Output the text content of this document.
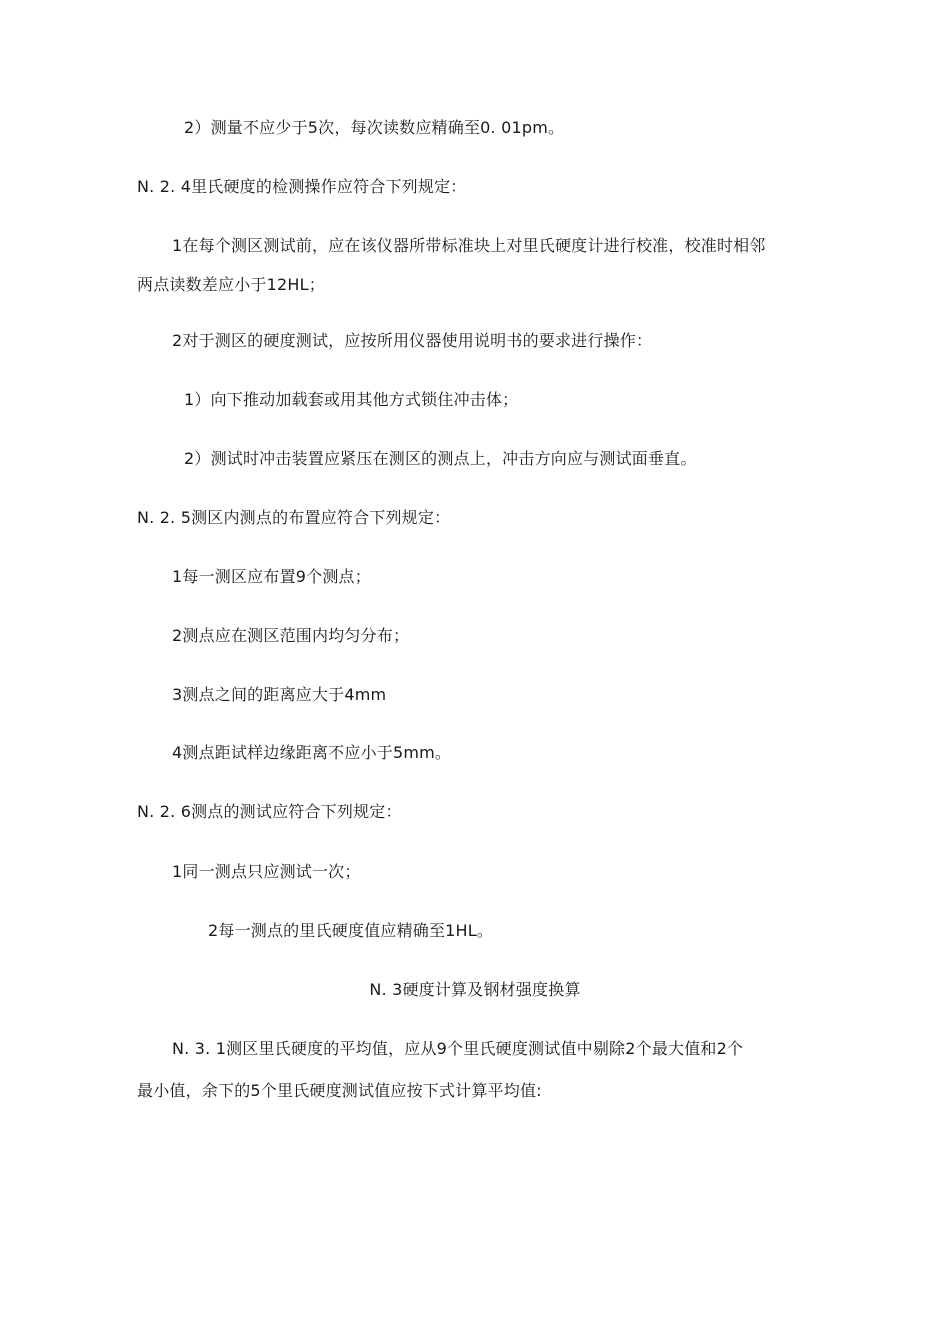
2）测量不应少于5次，每次读数应精确至0. 01pm。
N. 2. 4里氏硬度的检测操作应符合下列规定：
1在每个测区测试前，应在该仪器所带标准块上对里氏硬度计进行校准，校准时相邻
两点读数差应小于12HL；
2对于测区的硬度测试，应按所用仪器使用说明书的要求进行操作：
1）向下推动加载套或用其他方式锁住冲击体；
2）测试时冲击装置应紧压在测区的测点上，冲击方向应与测试面垂直。
N. 2. 5测区内测点的布置应符合下列规定：
1每一测区应布置9个测点；
2测点应在测区范围内均匀分布；
3测点之间的距离应大于4mm
4测点距试样边缘距离不应小于5mm。
N. 2. 6测点的测试应符合下列规定：
1同一测点只应测试一次；
2每一测点的里氏硬度值应精确至1HL。
N. 3硬度计算及钢材强度换算
N. 3. 1测区里氏硬度的平均值，应从9个里氏硬度测试值中剔除2个最大值和2个
最小值，余下的5个里氏硬度测试值应按下式计算平均值:
